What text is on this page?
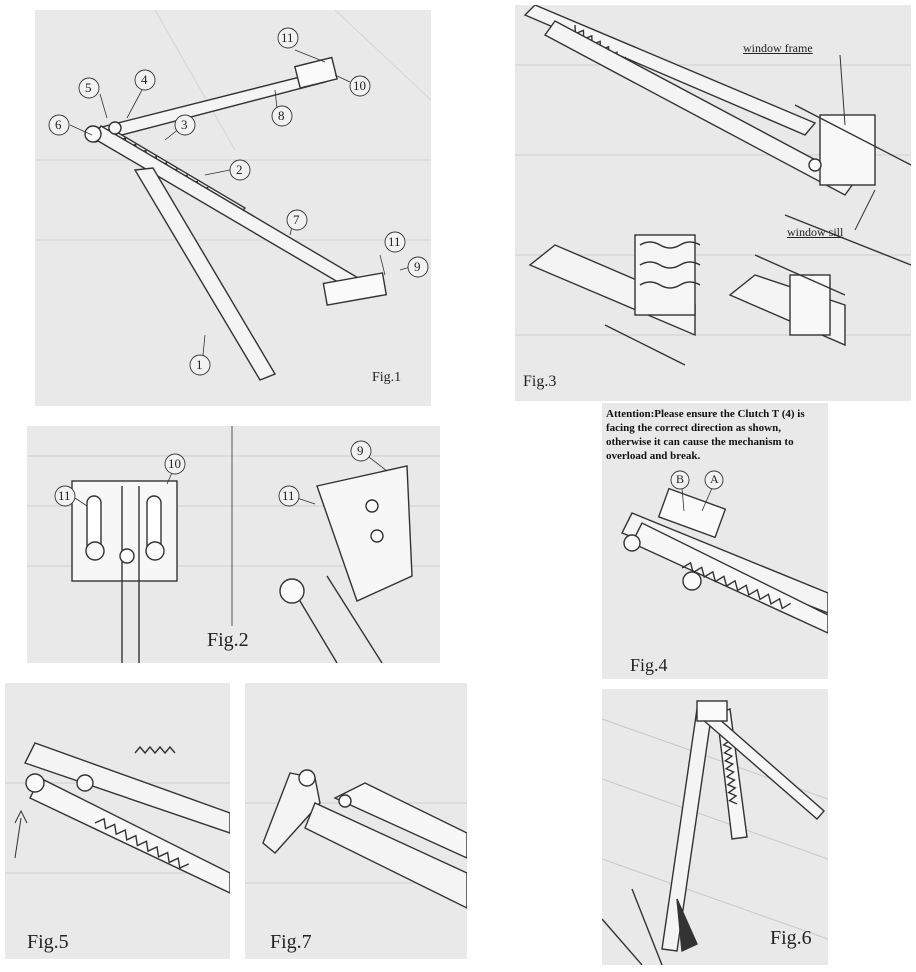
6
5
4
3
2
8
7
1
9
10
11
11
Fig.1
window frame
window sill
Fig.3
11
10
9
11
Fig.2
Attention:Please ensure the Clutch T (4) is facing the correct direction as shown, otherwise it can cause the mechanism to overload and break.
B A
Fig.4
Fig.5	Fig.7	Fig.6
